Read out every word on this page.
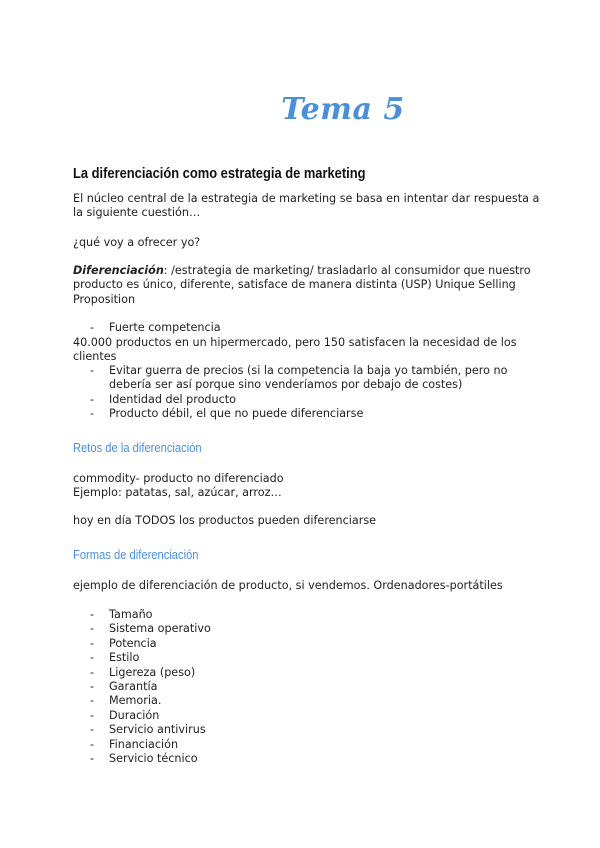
Tema 5
La diferenciación como estrategia de marketing
El núcleo central de la estrategia de marketing se basa en intentar dar respuesta a la siguiente cuestión…
¿qué voy a ofrecer yo?
Diferenciación: /estrategia de marketing/ trasladarlo al consumidor que nuestro producto es único, diferente, satisface de manera distinta (USP) Unique Selling Proposition
- Fuerte competencia
40.000 productos en un hipermercado, pero 150 satisfacen la necesidad de los clientes
- Evitar guerra de precios (si la competencia la baja yo también, pero no debería ser así porque sino venderíamos por debajo de costes)
- Identidad del producto
- Producto débil, el que no puede diferenciarse
Retos de la diferenciación
commodity- producto no diferenciado
Ejemplo: patatas, sal, azúcar, arroz…
hoy en día TODOS los productos pueden diferenciarse
Formas de diferenciación
ejemplo de diferenciación de producto, si vendemos. Ordenadores-portátiles
- Tamaño
- Sistema operativo
- Potencia
- Estilo
- Ligereza (peso)
- Garantía
- Memoria.
- Duración
- Servicio antivirus
- Financiación
- Servicio técnico
